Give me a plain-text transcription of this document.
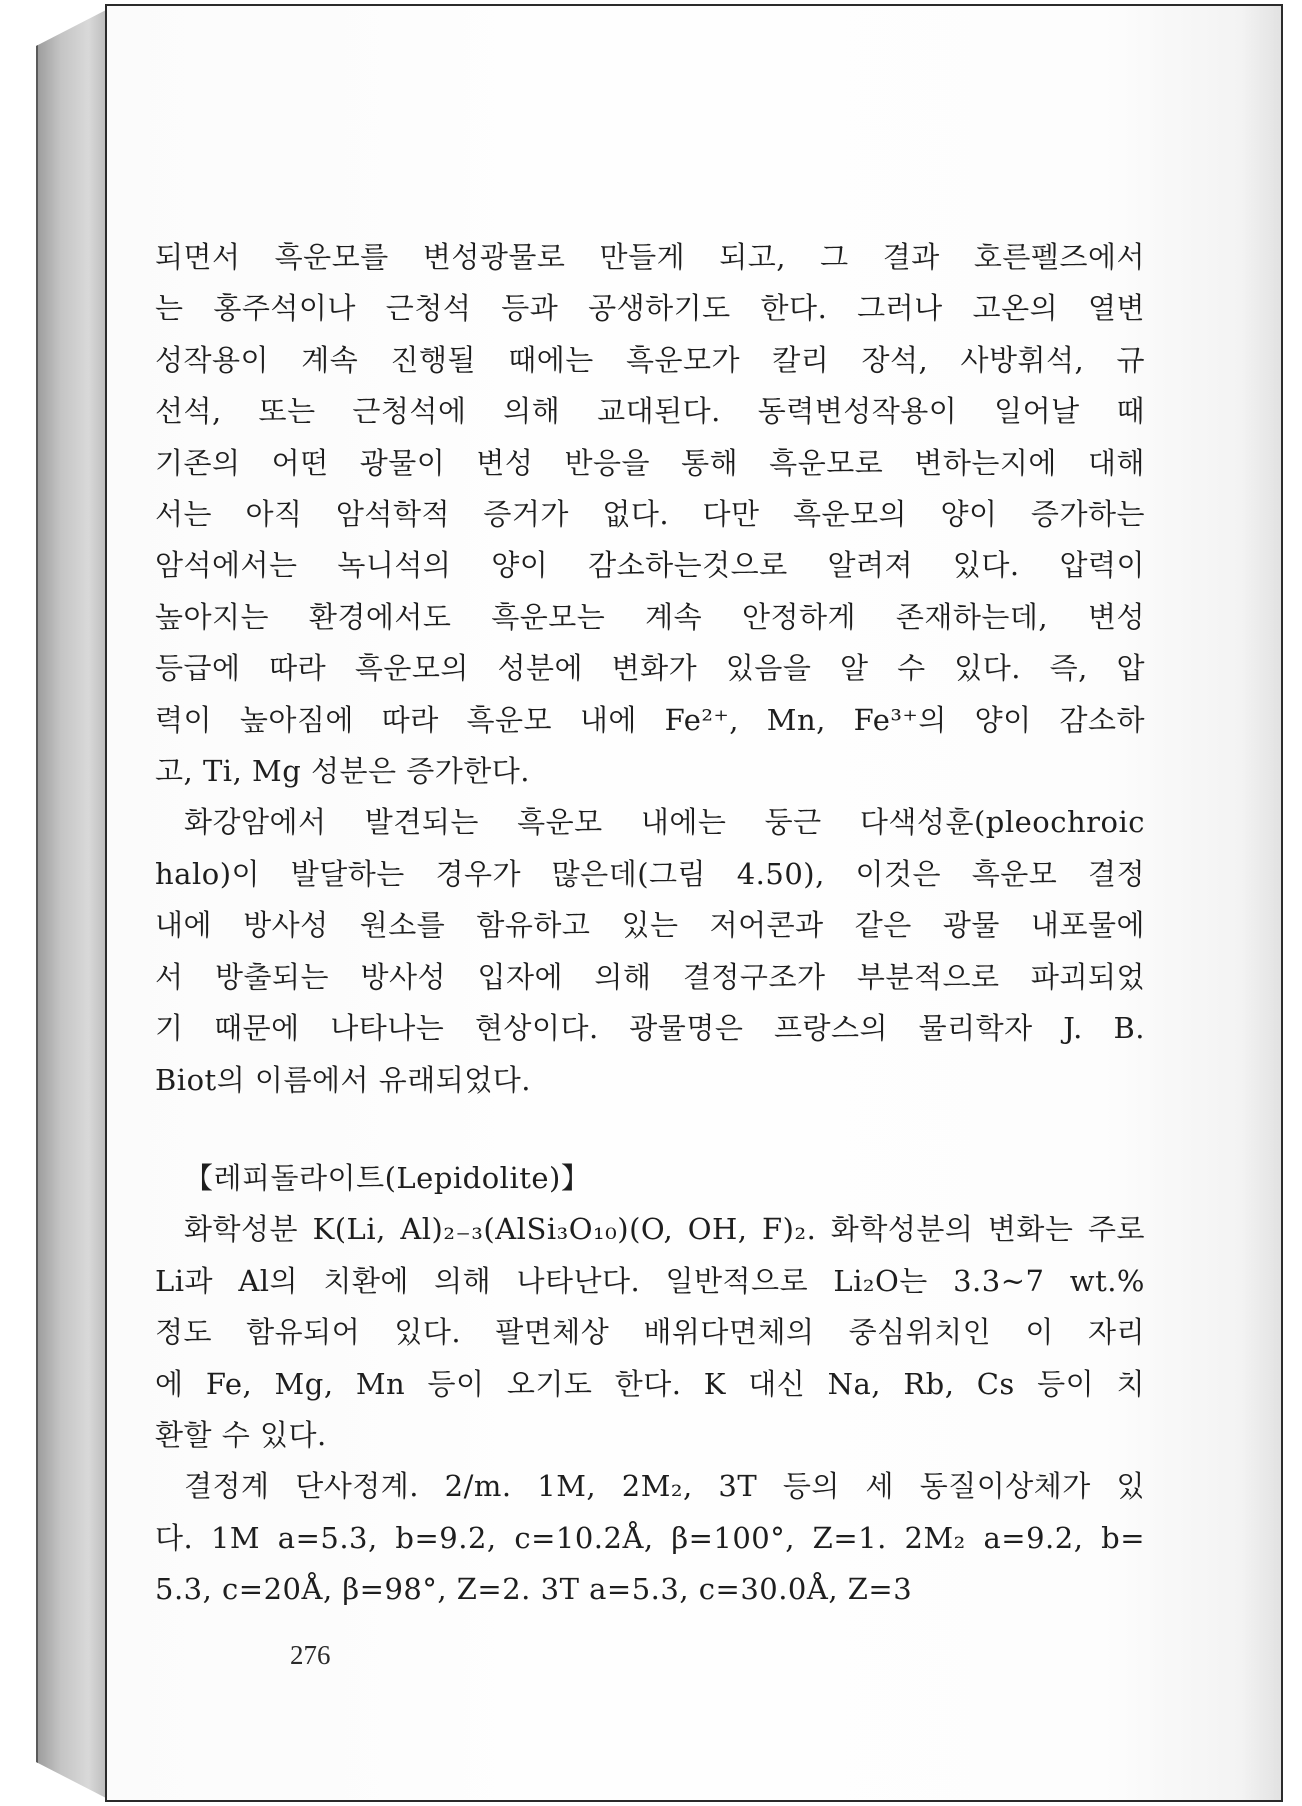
되면서 흑운모를 변성광물로 만들게 되고, 그 결과 호른펠즈에서
는 홍주석이나 근청석 등과 공생하기도 한다. 그러나 고온의 열변
성작용이 계속 진행될 때에는 흑운모가 칼리 장석, 사방휘석, 규
선석, 또는 근청석에 의해 교대된다. 동력변성작용이 일어날 때
기존의 어떤 광물이 변성 반응을 통해 흑운모로 변하는지에 대해
서는 아직 암석학적 증거가 없다. 다만 흑운모의 양이 증가하는
암석에서는 녹니석의 양이 감소하는것으로 알려져 있다. 압력이
높아지는 환경에서도 흑운모는 계속 안정하게 존재하는데, 변성
등급에 따라 흑운모의 성분에 변화가 있음을 알 수 있다. 즉, 압
력이 높아짐에 따라 흑운모 내에 Fe²⁺, Mn, Fe³⁺의 양이 감소하
고, Ti, Mg 성분은 증가한다.
화강암에서 발견되는 흑운모 내에는 둥근 다색성훈(pleochroic
halo)이 발달하는 경우가 많은데(그림 4.50), 이것은 흑운모 결정
내에 방사성 원소를 함유하고 있는 저어콘과 같은 광물 내포물에
서 방출되는 방사성 입자에 의해 결정구조가 부분적으로 파괴되었
기 때문에 나타나는 현상이다. 광물명은 프랑스의 물리학자 J. B.
Biot의 이름에서 유래되었다.
【레피돌라이트(Lepidolite)】
화학성분 K(Li, Al)₂₋₃(AlSi₃O₁₀)(O, OH, F)₂. 화학성분의 변화는 주로
Li과 Al의 치환에 의해 나타난다. 일반적으로 Li₂O는 3.3~7 wt.%
정도 함유되어 있다. 팔면체상 배위다면체의 중심위치인 이 자리
에 Fe, Mg, Mn 등이 오기도 한다. K 대신 Na, Rb, Cs 등이 치
환할 수 있다.
결정계 단사정계. 2/m. 1M, 2M₂, 3T 등의 세 동질이상체가 있
다. 1M a=5.3, b=9.2, c=10.2Å, β=100°, Z=1. 2M₂ a=9.2, b=
5.3, c=20Å, β=98°, Z=2. 3T a=5.3, c=30.0Å, Z=3
276
